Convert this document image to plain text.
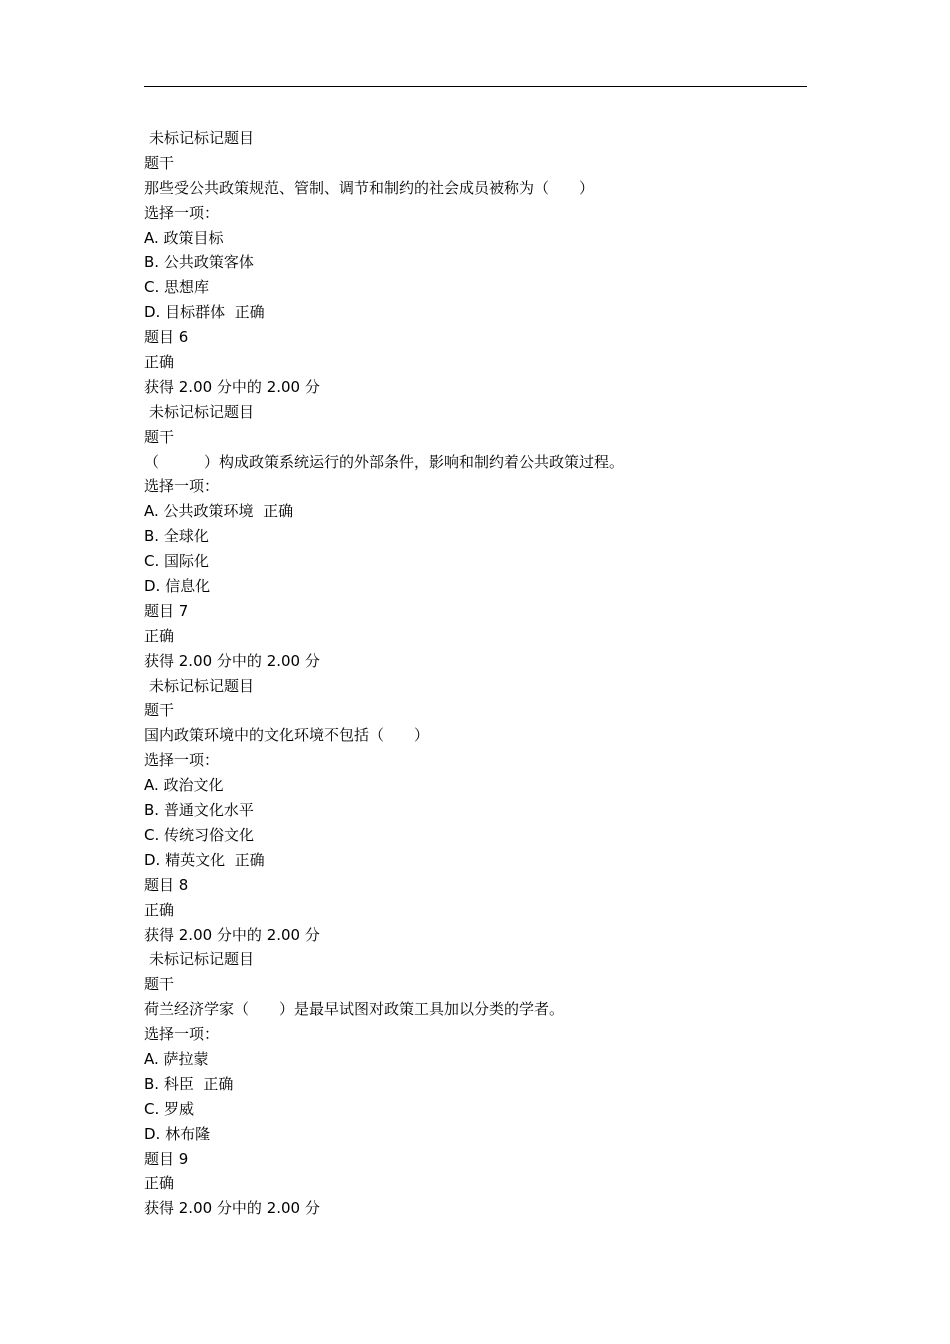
未标记标记题目
题干
那些受公共政策规范、管制、调节和制约的社会成员被称为（　　）
选择一项：
A. 政策目标
B. 公共政策客体
C. 思想库
D. 目标群体  正确
题目 6
正确
获得 2.00 分中的 2.00 分
未标记标记题目
题干
（　　　）构成政策系统运行的外部条件，影响和制约着公共政策过程。
选择一项：
A. 公共政策环境  正确
B. 全球化
C. 国际化
D. 信息化
题目 7
正确
获得 2.00 分中的 2.00 分
未标记标记题目
题干
国内政策环境中的文化环境不包括（　　）
选择一项：
A. 政治文化
B. 普通文化水平
C. 传统习俗文化
D. 精英文化  正确
题目 8
正确
获得 2.00 分中的 2.00 分
未标记标记题目
题干
荷兰经济学家（　　）是最早试图对政策工具加以分类的学者。
选择一项：
A. 萨拉蒙
B. 科臣  正确
C. 罗威
D. 林布隆
题目 9
正确
获得 2.00 分中的 2.00 分
